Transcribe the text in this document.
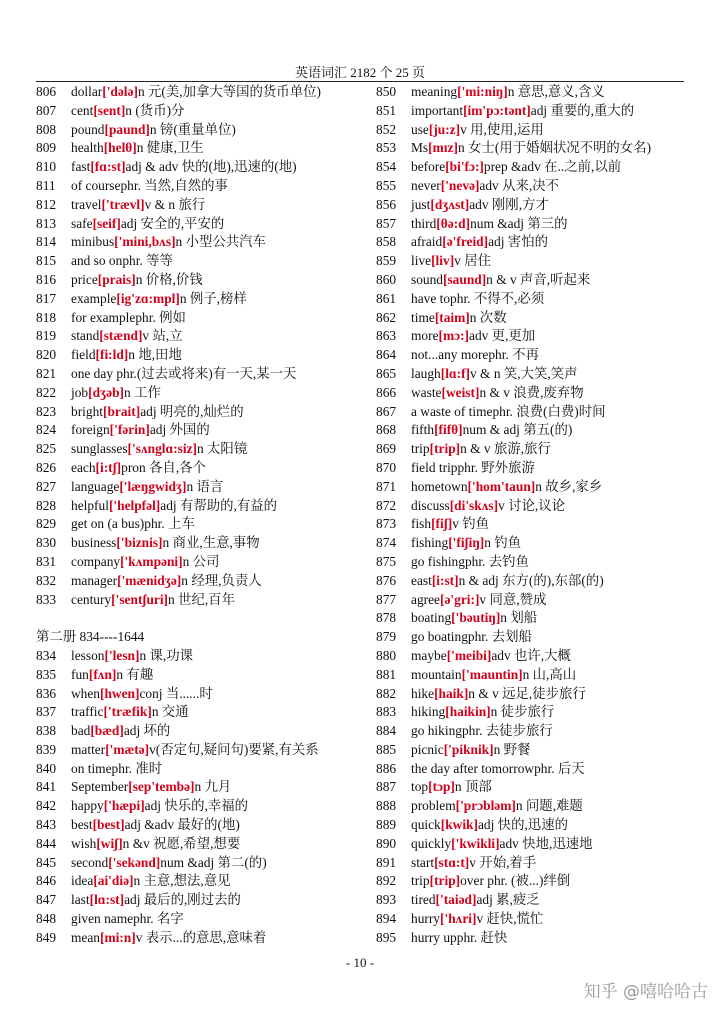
英语词汇 2182 个 25 页
806	dollar ['dələ] n 元(美,加拿大等国的货币单位)
807	cent [sent] n (货币)分
808	pound [paund] n 镑(重量单位)
809	health [helθ] n 健康,卫生
810	fast [fɑ:st] adj & adv 快的(地),迅速的(地)
811	of course phr. 当然,自然的事
812	travel ['trævl] v & n 旅行
813	safe [seif] adj 安全的,平安的
814	minibus ['mini,bʌs] n 小型公共汽车
815	and so on phr. 等等
816	price [prais] n 价格,价钱
817	example [ig'zɑ:mpl] n 例子,榜样
818	for example phr. 例如
819	stand [stænd] v 站,立
820	field [fi:ld] n 地,田地
821	one day phr.(过去或将来)有一天,某一天
822	job [dʒəb] n 工作
823	bright [brait] adj 明亮的,灿烂的
824	foreign ['fərin] adj 外国的
825	sunglasses ['sʌnglɑ:siz] n 太阳镜
826	each [i:tʃ] pron 各自,各个
827	language ['læŋgwidʒ] n 语言
828	helpful ['helpfəl] adj 有帮助的,有益的
829	get on (a bus) phr. 上车
830	business ['biznis] n 商业,生意,事物
831	company ['kʌmpəni] n 公司
832	manager ['mænidʒə] n 经理,负责人
833	century ['sentʃuri] n 世纪,百年
第二册 834----1644
834	lesson ['lesn] n 课,功课
835	fun [fʌn] n 有趣
836	when [hwen] conj 当......时
837	traffic ['træfik] n 交通
838	bad [bæd] adj 坏的
839	matter ['mætə] v(否定句,疑问句)要紧,有关系
840	on time phr. 准时
841	September [sep'tembə] n 九月
842	happy ['hæpi] adj 快乐的,幸福的
843	best [best] adj &adv 最好的(地)
844	wish [wiʃ] n &v 祝愿,希望,想要
845	second ['sekənd] num &adj 第二(的)
846	idea [ai'diə] n 主意,想法,意见
847	last [lɑ:st] adj 最后的,刚过去的
848	given name phr. 名字
849	mean [mi:n] v 表示...的意思,意味着
850	meaning ['mi:niŋ] n 意思,意义,含义
851	important [im'pɔ:tənt] adj 重要的,重大的
852	use [ju:z] v 用,使用,运用
853	Ms [mɪz] n 女士(用于婚姻状况不明的女名)
854	before [bi'fɔ:] prep &adv 在..之前,以前
855	never ['nevə] adv 从来,决不
856	just [dʒʌst] adv 刚刚,方才
857	third [θə:d] num &adj 第三的
858	afraid [ə'freid] adj 害怕的
859	live [liv] v 居住
860	sound [saund] n & v 声音,听起来
861	have to phr. 不得不,必须
862	time [taim] n 次数
863	more [mɔ:] adv 更,更加
864	not...any more phr. 不再
865	laugh [lɑ:f] v & n 笑,大笑,笑声
866	waste [weist] n & v 浪费,废弃物
867	a waste of time phr. 浪费(白费)时间
868	fifth [fifθ] num & adj 第五(的)
869	trip [trip] n & v 旅游,旅行
870	field trip phr. 野外旅游
871	hometown ['hom'taun] n 故乡,家乡
872	discuss [di'skʌs] v 讨论,议论
873	fish [fiʃ] v 钓鱼
874	fishing ['fiʃiŋ] n 钓鱼
875	go fishing phr. 去钓鱼
876	east [i:st] n & adj 东方(的),东部(的)
877	agree [ə'gri:] v 同意,赞成
878	boating ['bəutiŋ] n 划船
879	go boating phr. 去划船
880	maybe ['meibi] adv 也许,大概
881	mountain ['mauntin] n 山,高山
882	hike [haik] n & v 远足,徒步旅行
883	hiking [haikin] n 徒步旅行
884	go hiking phr. 去徒步旅行
885	picnic ['piknik] n 野餐
886	the day after tomorrow phr. 后天
887	top [tɔp] n 顶部
888	problem ['prɔbləm] n 问题,难题
889	quick [kwik] adj 快的,迅速的
890	quickly ['kwikli] adv 快地,迅速地
891	start [stɑ:t] v 开始,着手
892	trip [trip] over phr. (被...)绊倒
893	tired ['taiəd] adj 累,疲乏
894	hurry ['hʌri] v 赶快,慌忙
895	hurry up phr. 赶快
- 10 -
知乎 @嘻哈哈古
